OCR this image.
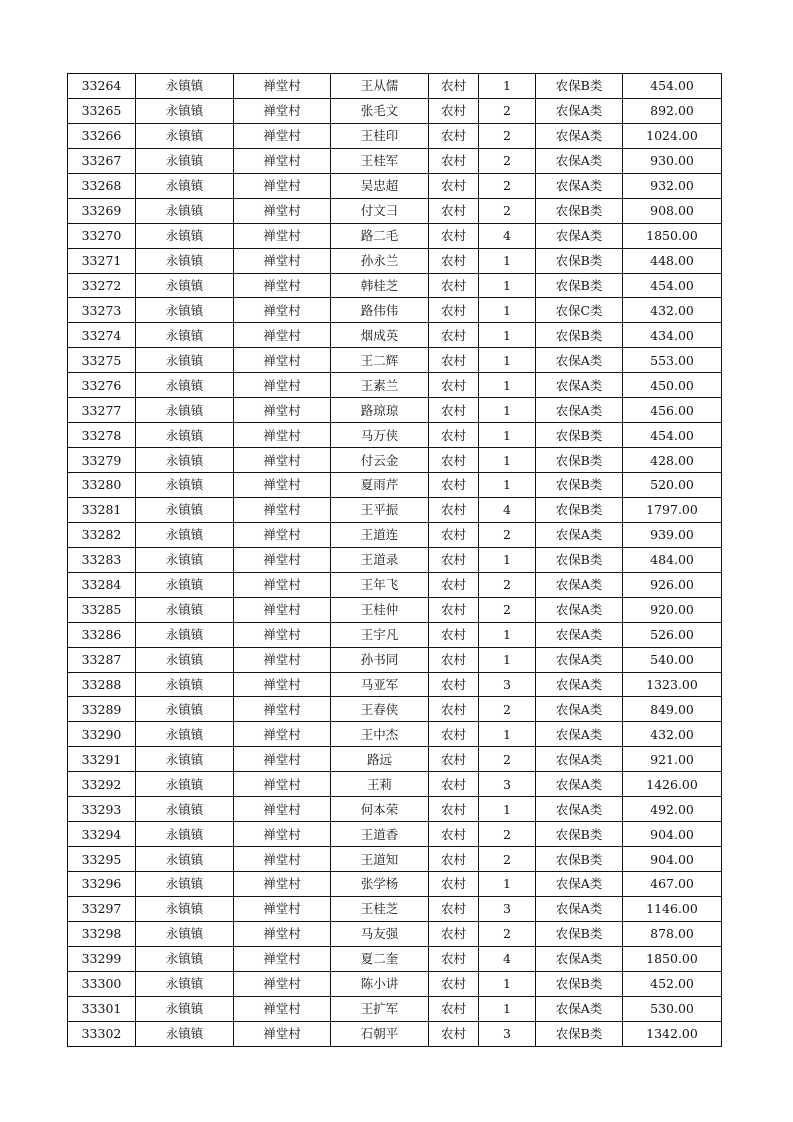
33264	永镇镇	禅堂村	王从儒	农村	1	农保B类	454.00
33265	永镇镇	禅堂村	张毛文	农村	2	农保A类	892.00
33266	永镇镇	禅堂村	王桂印	农村	2	农保A类	1024.00
33267	永镇镇	禅堂村	王桂军	农村	2	农保A类	930.00
33268	永镇镇	禅堂村	吴忠超	农村	2	农保A类	932.00
33269	永镇镇	禅堂村	付文彐	农村	2	农保B类	908.00
33270	永镇镇	禅堂村	路二毛	农村	4	农保A类	1850.00
33271	永镇镇	禅堂村	孙永兰	农村	1	农保B类	448.00
33272	永镇镇	禅堂村	韩桂芝	农村	1	农保B类	454.00
33273	永镇镇	禅堂村	路伟伟	农村	1	农保C类	432.00
33274	永镇镇	禅堂村	烟成英	农村	1	农保B类	434.00
33275	永镇镇	禅堂村	王二辉	农村	1	农保A类	553.00
33276	永镇镇	禅堂村	王素兰	农村	1	农保A类	450.00
33277	永镇镇	禅堂村	路琼琼	农村	1	农保A类	456.00
33278	永镇镇	禅堂村	马万侠	农村	1	农保B类	454.00
33279	永镇镇	禅堂村	付云金	农村	1	农保B类	428.00
33280	永镇镇	禅堂村	夏雨芹	农村	1	农保B类	520.00
33281	永镇镇	禅堂村	王平振	农村	4	农保B类	1797.00
33282	永镇镇	禅堂村	王道连	农村	2	农保A类	939.00
33283	永镇镇	禅堂村	王道录	农村	1	农保B类	484.00
33284	永镇镇	禅堂村	王年飞	农村	2	农保A类	926.00
33285	永镇镇	禅堂村	王桂仲	农村	2	农保A类	920.00
33286	永镇镇	禅堂村	王宇凡	农村	1	农保A类	526.00
33287	永镇镇	禅堂村	孙书同	农村	1	农保A类	540.00
33288	永镇镇	禅堂村	马亚军	农村	3	农保A类	1323.00
33289	永镇镇	禅堂村	王春侠	农村	2	农保A类	849.00
33290	永镇镇	禅堂村	王中杰	农村	1	农保A类	432.00
33291	永镇镇	禅堂村	路远	农村	2	农保A类	921.00
33292	永镇镇	禅堂村	王莉	农村	3	农保A类	1426.00
33293	永镇镇	禅堂村	何本荣	农村	1	农保A类	492.00
33294	永镇镇	禅堂村	王道香	农村	2	农保B类	904.00
33295	永镇镇	禅堂村	王道知	农村	2	农保B类	904.00
33296	永镇镇	禅堂村	张学杨	农村	1	农保A类	467.00
33297	永镇镇	禅堂村	王桂芝	农村	3	农保A类	1146.00
33298	永镇镇	禅堂村	马友强	农村	2	农保B类	878.00
33299	永镇镇	禅堂村	夏二奎	农村	4	农保A类	1850.00
33300	永镇镇	禅堂村	陈小讲	农村	1	农保B类	452.00
33301	永镇镇	禅堂村	王扩军	农村	1	农保A类	530.00
33302	永镇镇	禅堂村	石朝平	农村	3	农保B类	1342.00
